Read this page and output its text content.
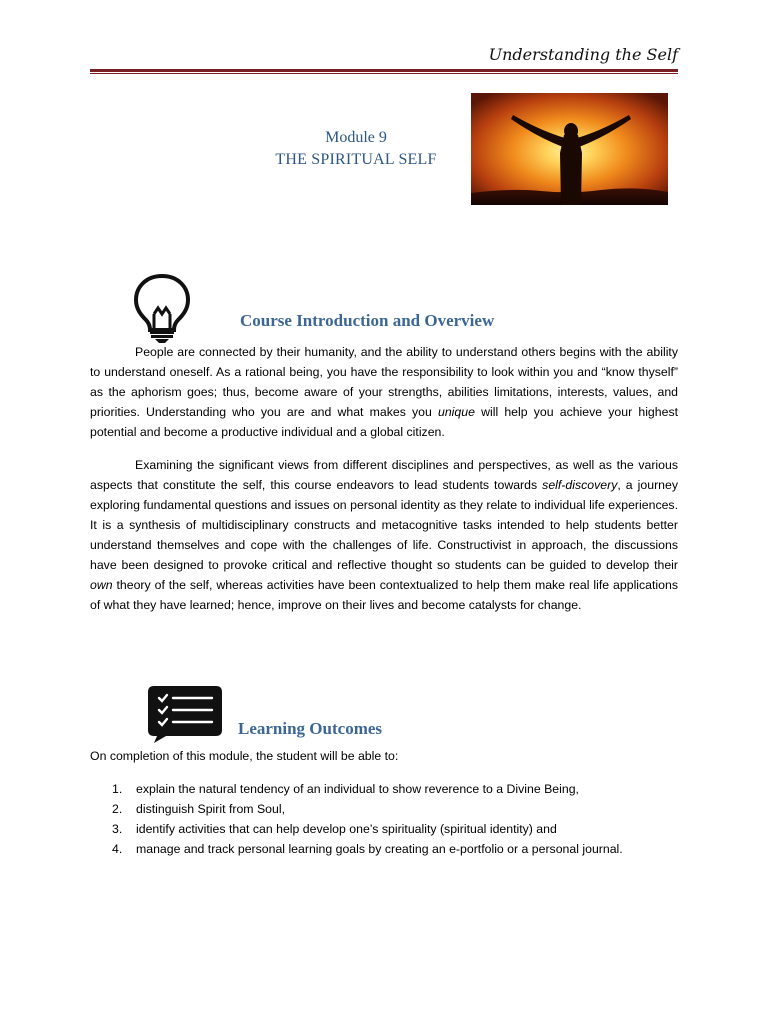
Understanding the Self
Module 9
THE SPIRITUAL SELF
Course Introduction and Overview

People are connected by their humanity, and the ability to understand others begins with the ability to understand oneself. As a rational being, you have the responsibility to look within you and “know thyself” as the aphorism goes; thus, become aware of your strengths, abilities limitations, interests, values, and priorities. Understanding who you are and what makes you unique will help you achieve your highest potential and become a productive individual and a global citizen.

Examining the significant views from different disciplines and perspectives, as well as the various aspects that constitute the self, this course endeavors to lead students towards self-discovery, a journey exploring fundamental questions and issues on personal identity as they relate to individual life experiences. It is a synthesis of multidisciplinary constructs and metacognitive tasks intended to help students better understand themselves and cope with the challenges of life. Constructivist in approach, the discussions have been designed to provoke critical and reflective thought so students can be guided to develop their own theory of the self, whereas activities have been contextualized to help them make real life applications of what they have learned; hence, improve on their lives and become catalysts for change.

Learning Outcomes

On completion of this module, the student will be able to:

1. explain the natural tendency of an individual to show reverence to a Divine Being,
2. distinguish Spirit from Soul,
3. identify activities that can help develop one’s spirituality (spiritual identity) and
4. manage and track personal learning goals by creating an e-portfolio or a personal journal.
